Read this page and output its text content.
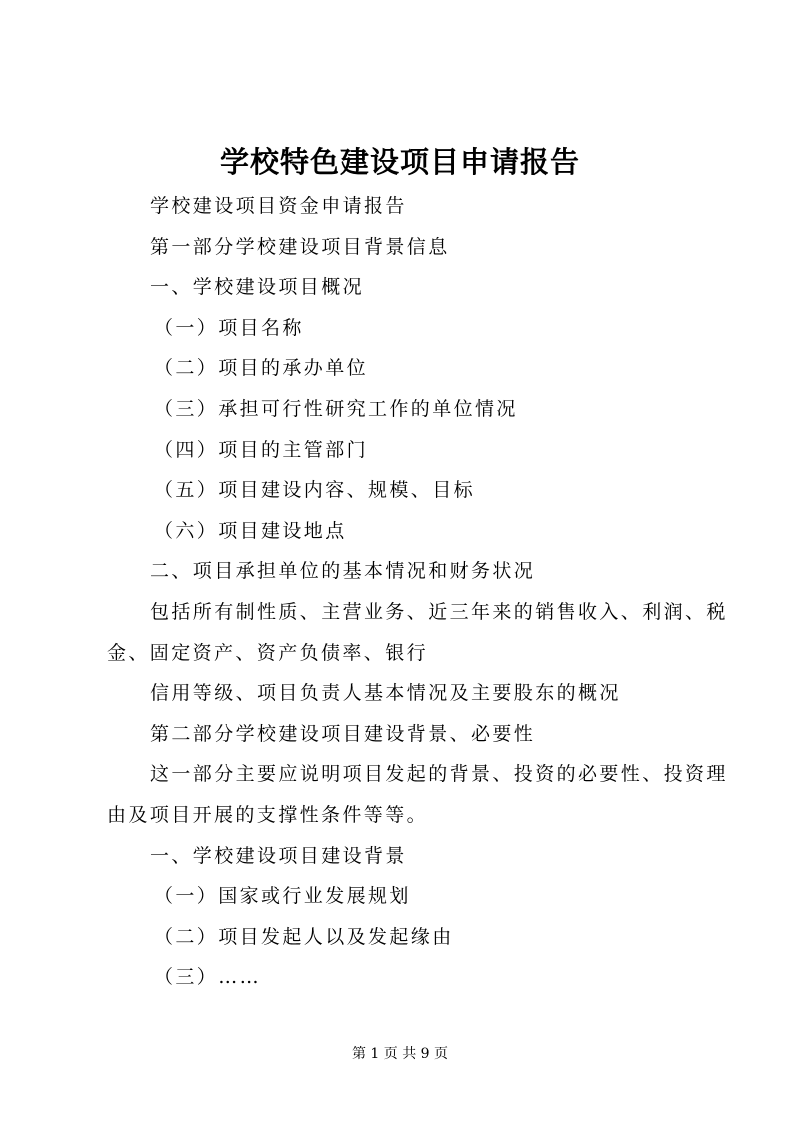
学校特色建设项目申请报告

学校建设项目资金申请报告

第一部分学校建设项目背景信息

一、学校建设项目概况

（一）项目名称

（二）项目的承办单位

（三）承担可行性研究工作的单位情况

（四）项目的主管部门

（五）项目建设内容、规模、目标

（六）项目建设地点

二、项目承担单位的基本情况和财务状况

包括所有制性质、主营业务、近三年来的销售收入、利润、税金、固定资产、资产负债率、银行

信用等级、项目负责人基本情况及主要股东的概况

第二部分学校建设项目建设背景、必要性

这一部分主要应说明项目发起的背景、投资的必要性、投资理由及项目开展的支撑性条件等等。

一、学校建设项目建设背景

（一）国家或行业发展规划

（二）项目发起人以及发起缘由

（三）……

第 1 页 共 9 页
